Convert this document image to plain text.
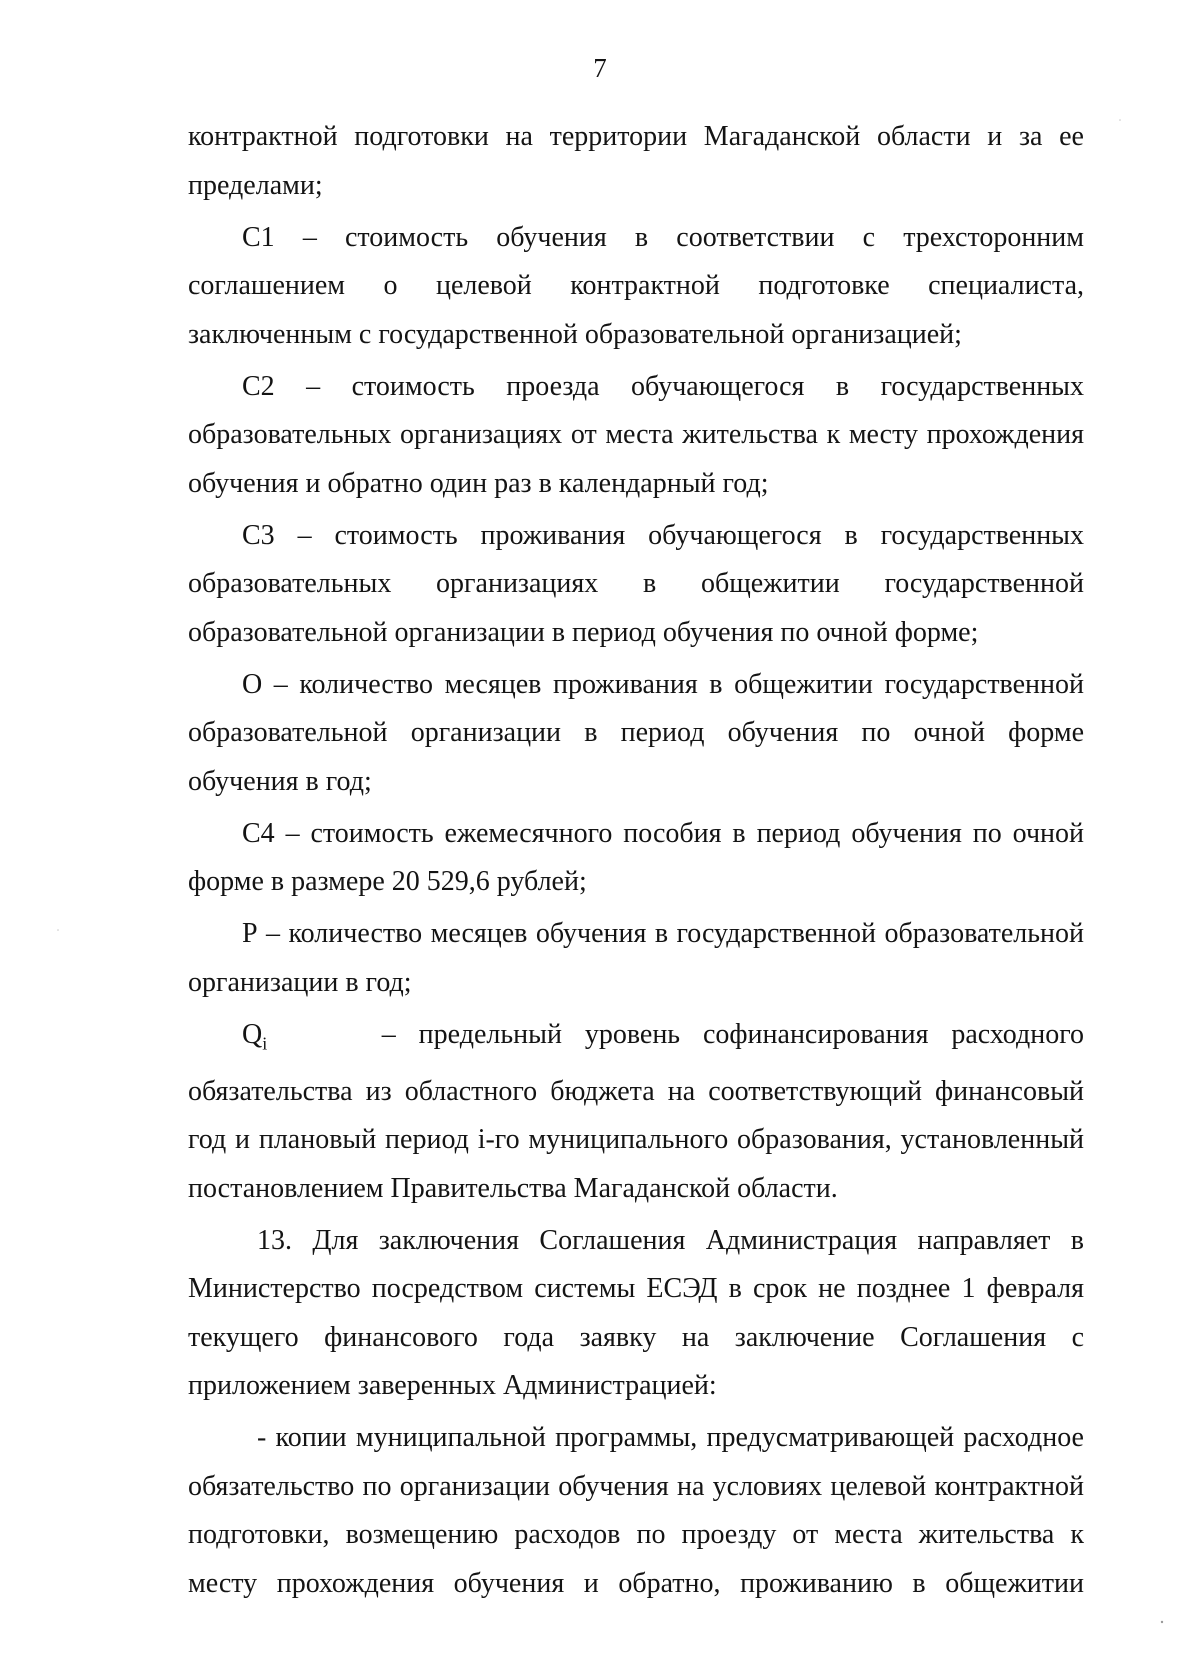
7

контрактной подготовки на территории Магаданской области и за ее пределами;

С1 – стоимость обучения в соответствии с трехсторонним соглашением о целевой контрактной подготовке специалиста, заключенным с государственной образовательной организацией;

С2 – стоимость проезда обучающегося в государственных образовательных организациях от места жительства к месту прохождения обучения и обратно один раз в календарный год;

С3 – стоимость проживания обучающегося в государственных образовательных организациях в общежитии государственной образовательной организации в период обучения по очной форме;

О – количество месяцев проживания в общежитии государственной образовательной организации в период обучения по очной форме обучения в год;

С4 – стоимость ежемесячного пособия в период обучения по очной форме в размере 20 529,6 рублей;

Р – количество месяцев обучения в государственной образовательной организации в год;

$Q_i$	– предельный уровень софинансирования расходного обязательства из областного бюджета на соответствующий финансовый год и плановый период i-го муниципального образования, установленный постановлением Правительства Магаданской области.

13. Для заключения Соглашения Администрация направляет в Министерство посредством системы ЕСЭД в срок не позднее 1 февраля текущего финансового года заявку на заключение Соглашения с приложением заверенных Администрацией:

- копии муниципальной программы, предусматривающей расходное обязательство по организации обучения на условиях целевой контрактной подготовки, возмещению расходов по проезду от места жительства к месту прохождения обучения и обратно, проживанию в общежитии
